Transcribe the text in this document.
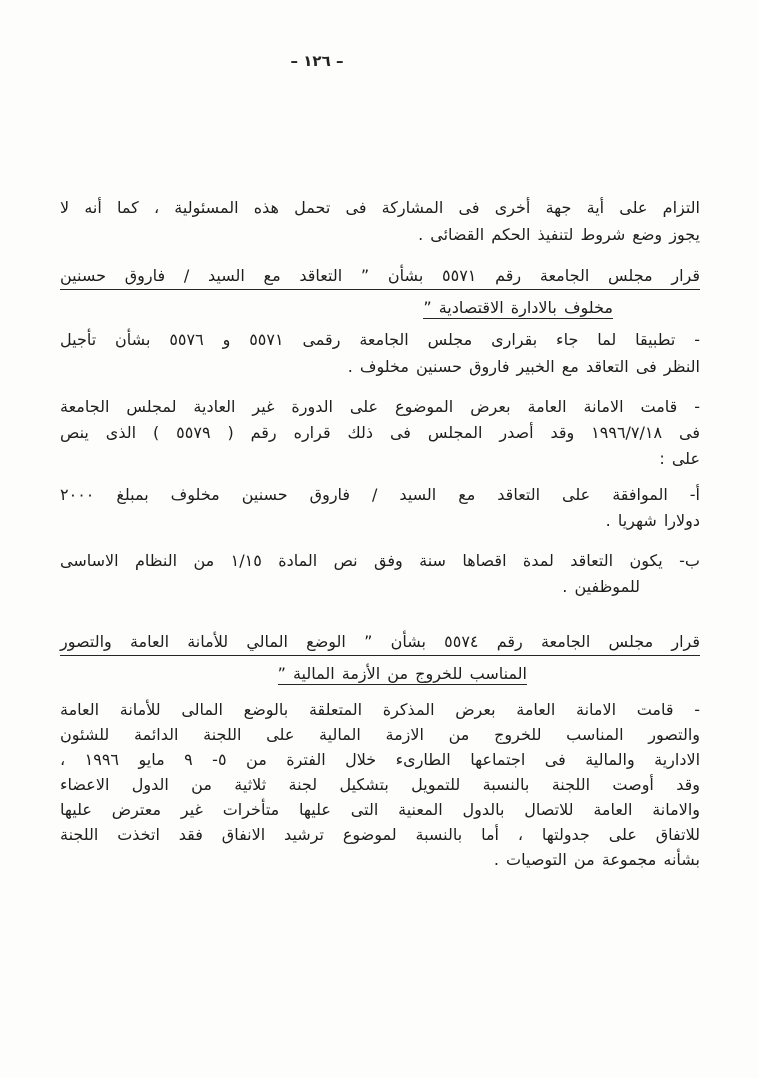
– ١٢٦ –
التزام على أية جهة أخرى فى المشاركة فى تحمل هذه المسئولية ، كما أنه لا
يجوز وضع شروط لتنفيذ الحكم القضائى .
قرار مجلس الجامعة رقم ٥٥٧١ بشأن ” التعاقد مع السيد / فاروق حسنين
مخلوف بالادارة الاقتصادية ”
- تطبيقا لما جاء بقرارى مجلس الجامعة رقمى ٥٥٧١ و ٥٥٧٦ بشأن تأجيل
النظر فى التعاقد مع الخبير فاروق حسنين مخلوف .
- قامت الامانة العامة بعرض الموضوع على الدورة غير العادية لمجلس الجامعة
فى ١٩٩٦/٧/١٨ وقد أصدر المجلس فى ذلك قراره رقم ( ٥٥٧٩ ) الذى ينص
على :
أ- الموافقة على التعاقد مع السيد / فاروق حسنين مخلوف بمبلغ ٢٠٠٠
دولارا شهريا .
ب- يكون التعاقد لمدة اقصاها سنة وفق نص المادة ١/١٥ من النظام الاساسى
للموظفين .
قرار مجلس الجامعة رقم ٥٥٧٤ بشأن ” الوضع المالي للأمانة العامة والتصور
المناسب للخروج من الأزمة المالية ”
- قامت الامانة العامة بعرض المذكرة المتعلقة بالوضع المالى للأمانة العامة
والتصور المناسب للخروج من الازمة المالية على اللجنة الدائمة للشئون
الادارية والمالية فى اجتماعها الطارىء خلال الفترة من ٥- ٩ مايو ١٩٩٦ ،
وقد أوصت اللجنة بالنسبة للتمويل بتشكيل لجنة ثلاثية من الدول الاعضاء
والامانة العامة للاتصال بالدول المعنية التى عليها متأخرات غير معترض عليها
للاتفاق على جدولتها ، أما بالنسبة لموضوع ترشيد الانفاق فقد اتخذت اللجنة
بشأنه مجموعة من التوصيات .
